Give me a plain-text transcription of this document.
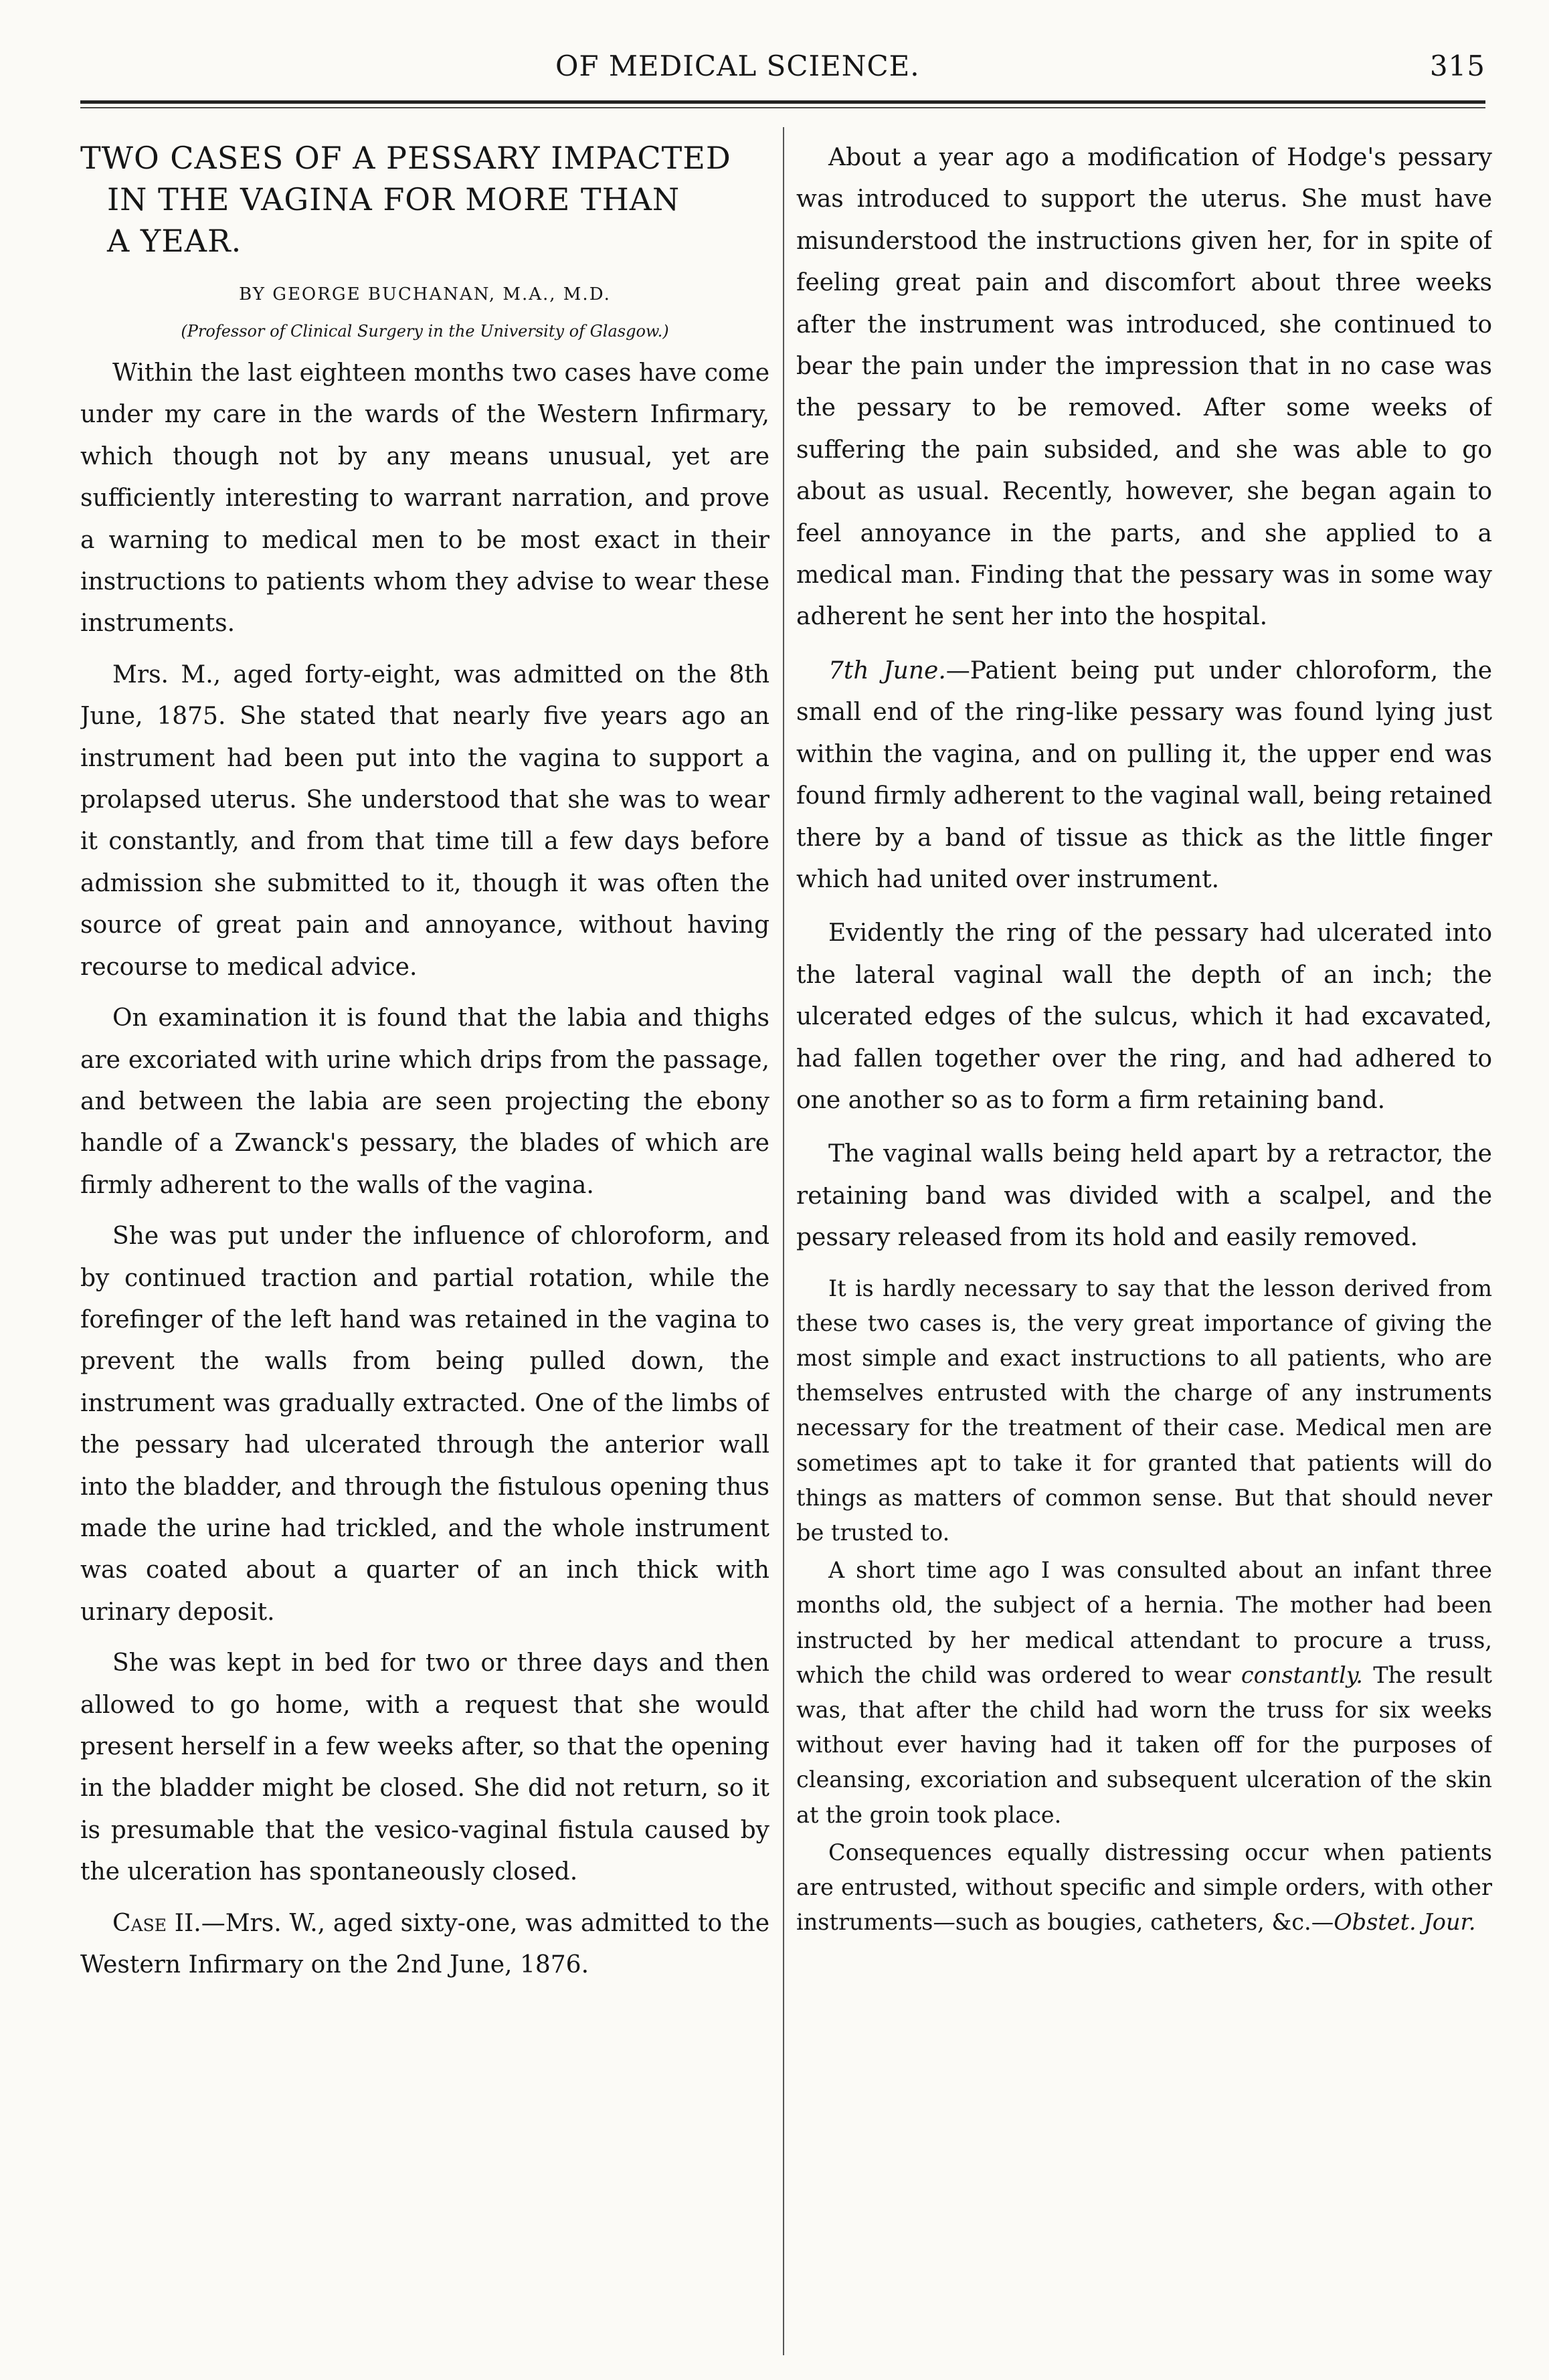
OF MEDICAL SCIENCE.	315
TWO CASES OF A PESSARY IMPACTED
IN THE VAGINA FOR MORE THAN
A YEAR.
BY GEORGE BUCHANAN, M.A., M.D.
(Professor of Clinical Surgery in the University of Glasgow.)

Within the last eighteen months two cases have come under my care in the wards of the Western Infirmary, which though not by any means unusual, yet are sufficiently interesting to warrant narration, and prove a warning to medical men to be most exact in their instructions to patients whom they advise to wear these instruments.

Mrs. M., aged forty-eight, was admitted on the 8th June, 1875. She stated that nearly five years ago an instrument had been put into the vagina to support a prolapsed uterus. She understood that she was to wear it constantly, and from that time till a few days before admission she submitted to it, though it was often the source of great pain and annoyance, without having recourse to medical advice.

On examination it is found that the labia and thighs are excoriated with urine which drips from the passage, and between the labia are seen projecting the ebony handle of a Zwanck's pessary, the blades of which are firmly adherent to the walls of the vagina.

She was put under the influence of chloroform, and by continued traction and partial rotation, while the forefinger of the left hand was retained in the vagina to prevent the walls from being pulled down, the instrument was gradually extracted. One of the limbs of the pessary had ulcerated through the anterior wall into the bladder, and through the fistulous opening thus made the urine had trickled, and the whole instrument was coated about a quarter of an inch thick with urinary deposit.

She was kept in bed for two or three days and then allowed to go home, with a request that she would present herself in a few weeks after, so that the opening in the bladder might be closed. She did not return, so it is presumable that the vesico-vaginal fistula caused by the ulceration has spontaneously closed.

Case II.—Mrs. W., aged sixty-one, was admitted to the Western Infirmary on the 2nd June, 1876.

About a year ago a modification of Hodge's pessary was introduced to support the uterus. She must have misunderstood the instructions given her, for in spite of feeling great pain and discomfort about three weeks after the instrument was introduced, she continued to bear the pain under the impression that in no case was the pessary to be removed. After some weeks of suffering the pain subsided, and she was able to go about as usual. Recently, however, she began again to feel annoyance in the parts, and she applied to a medical man. Finding that the pessary was in some way adherent he sent her into the hospital.

7th June.—Patient being put under chloroform, the small end of the ring-like pessary was found lying just within the vagina, and on pulling it, the upper end was found firmly adherent to the vaginal wall, being retained there by a band of tissue as thick as the little finger which had united over instrument.

Evidently the ring of the pessary had ulcerated into the lateral vaginal wall the depth of an inch; the ulcerated edges of the sulcus, which it had excavated, had fallen together over the ring, and had adhered to one another so as to form a firm retaining band.

The vaginal walls being held apart by a retractor, the retaining band was divided with a scalpel, and the pessary released from its hold and easily removed.

It is hardly necessary to say that the lesson derived from these two cases is, the very great importance of giving the most simple and exact instructions to all patients, who are themselves entrusted with the charge of any instruments necessary for the treatment of their case. Medical men are sometimes apt to take it for granted that patients will do things as matters of common sense. But that should never be trusted to.

A short time ago I was consulted about an infant three months old, the subject of a hernia. The mother had been instructed by her medical attendant to procure a truss, which the child was ordered to wear constantly. The result was, that after the child had worn the truss for six weeks without ever having had it taken off for the purposes of cleansing, excoriation and subsequent ulceration of the skin at the groin took place.

Consequences equally distressing occur when patients are entrusted, without specific and simple orders, with other instruments—such as bougies, catheters, &c.—Obstet. Jour.
